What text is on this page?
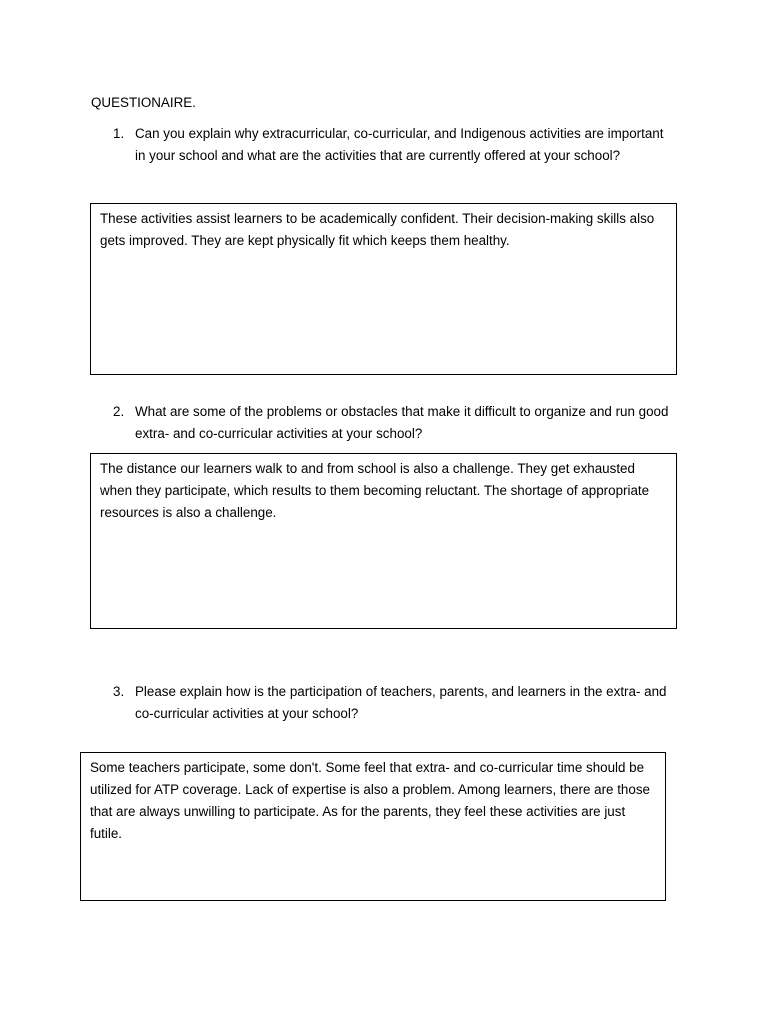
QUESTIONAIRE.

1. Can you explain why extracurricular, co-curricular, and Indigenous activities are important in your school and what are the activities that are currently offered at your school?
These activities assist learners to be academically confident. Their decision-making skills also gets improved. They are kept physically fit which keeps them healthy.
2. What are some of the problems or obstacles that make it difficult to organize and run good extra- and co-curricular activities at your school?
The distance our learners walk to and from school is also a challenge. They get exhausted when they participate, which results to them becoming reluctant. The shortage of appropriate resources is also a challenge.
3. Please explain how is the participation of teachers, parents, and learners in the extra- and co-curricular activities at your school?
Some teachers participate, some don't. Some feel that extra- and co-curricular time should be utilized for ATP coverage. Lack of expertise is also a problem. Among learners, there are those that are always unwilling to participate. As for the parents, they feel these activities are just futile.
